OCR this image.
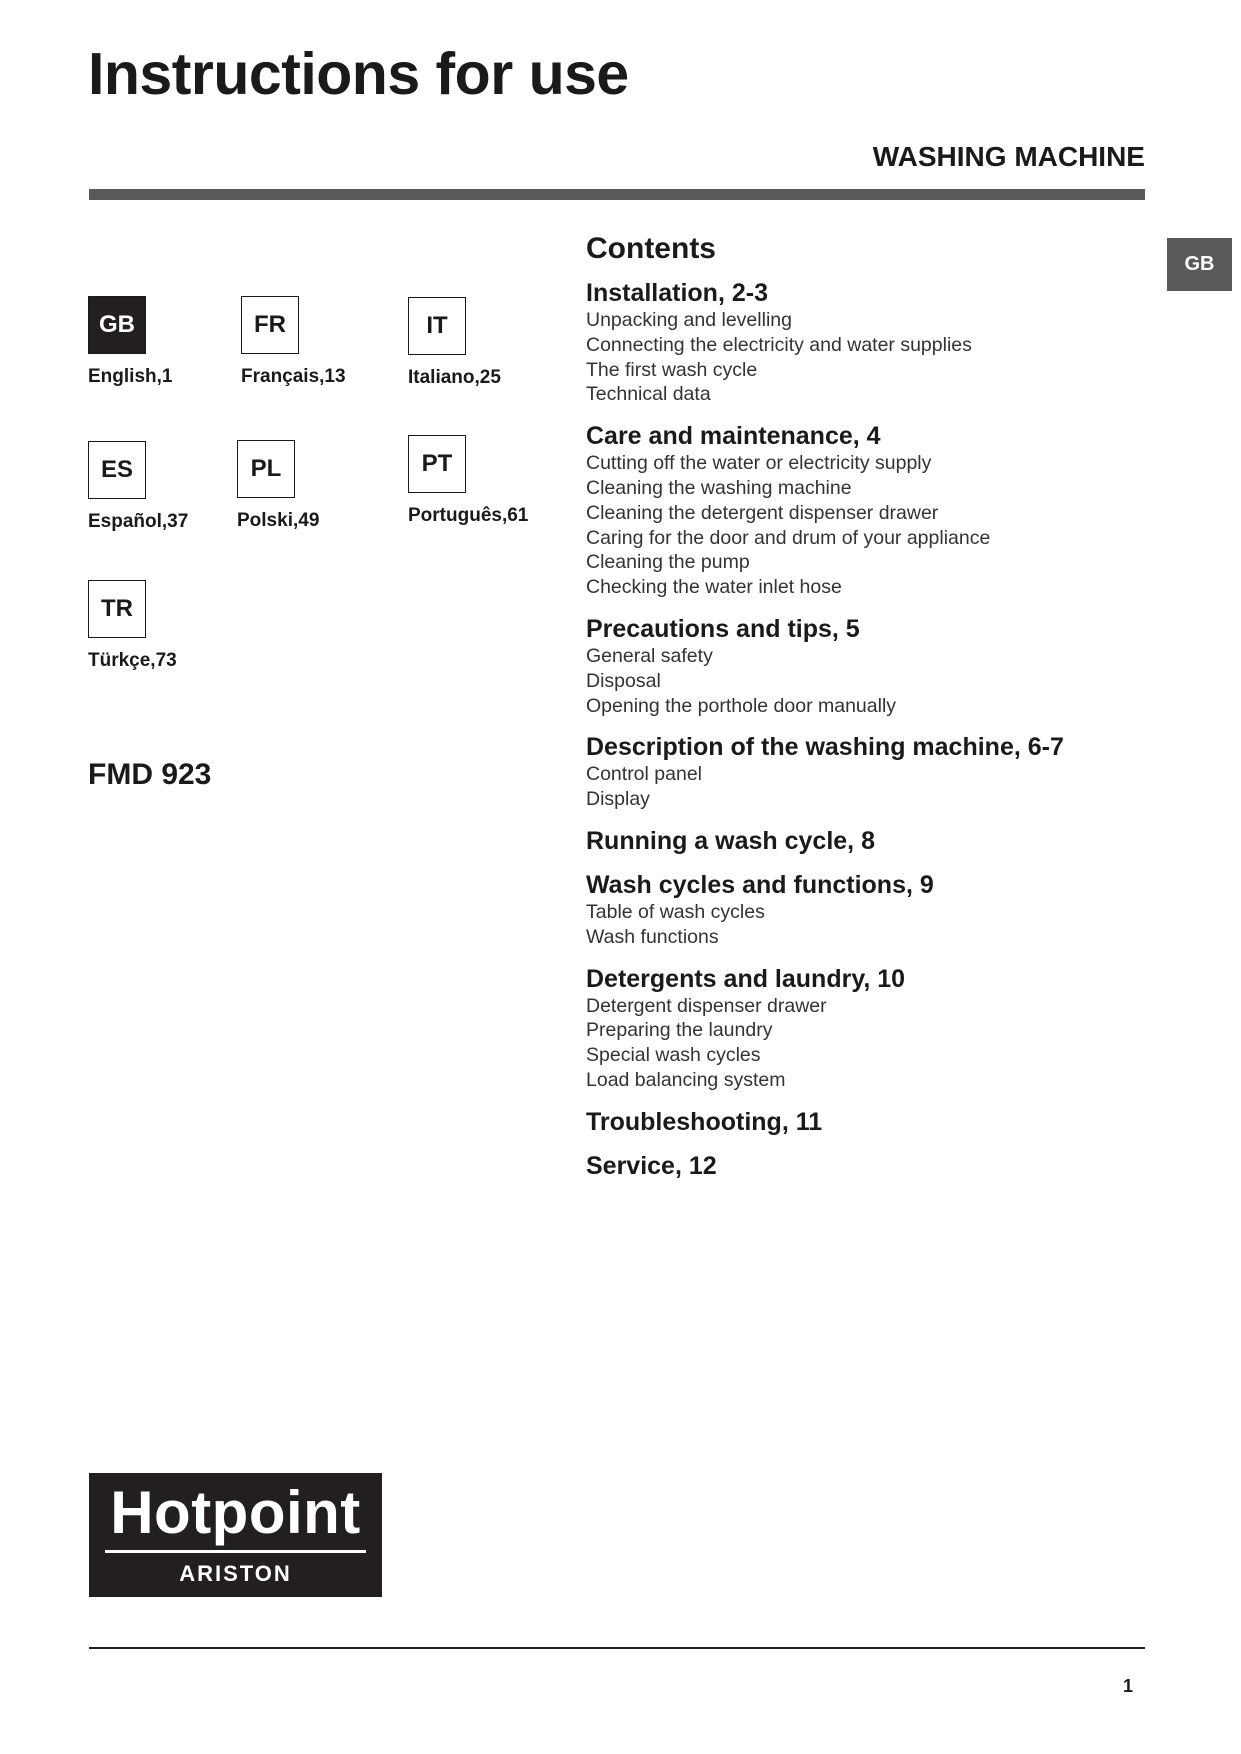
Instructions for use
WASHING MACHINE
GB
GB
English,1
FR
Français,13
IT
Italiano,25
ES
Español,37
PL
Polski,49
PT
Português,61
TR
Türkçe,73
FMD 923
Contents
Installation, 2-3
Unpacking and levelling
Connecting the electricity and water supplies
The first wash cycle
Technical data
Care and maintenance, 4
Cutting off the water or electricity supply
Cleaning the washing machine
Cleaning the detergent dispenser drawer
Caring for the door and drum of your appliance
Cleaning the pump
Checking the water inlet hose
Precautions and tips, 5
General safety
Disposal
Opening the porthole door manually
Description of the washing machine, 6-7
Control panel
Display
Running a wash cycle, 8
Wash cycles and functions, 9
Table of wash cycles
Wash functions
Detergents and laundry, 10
Detergent dispenser drawer
Preparing the laundry
Special wash cycles
Load balancing system
Troubleshooting, 11
Service, 12
Hotpoint
ARISTON
1
